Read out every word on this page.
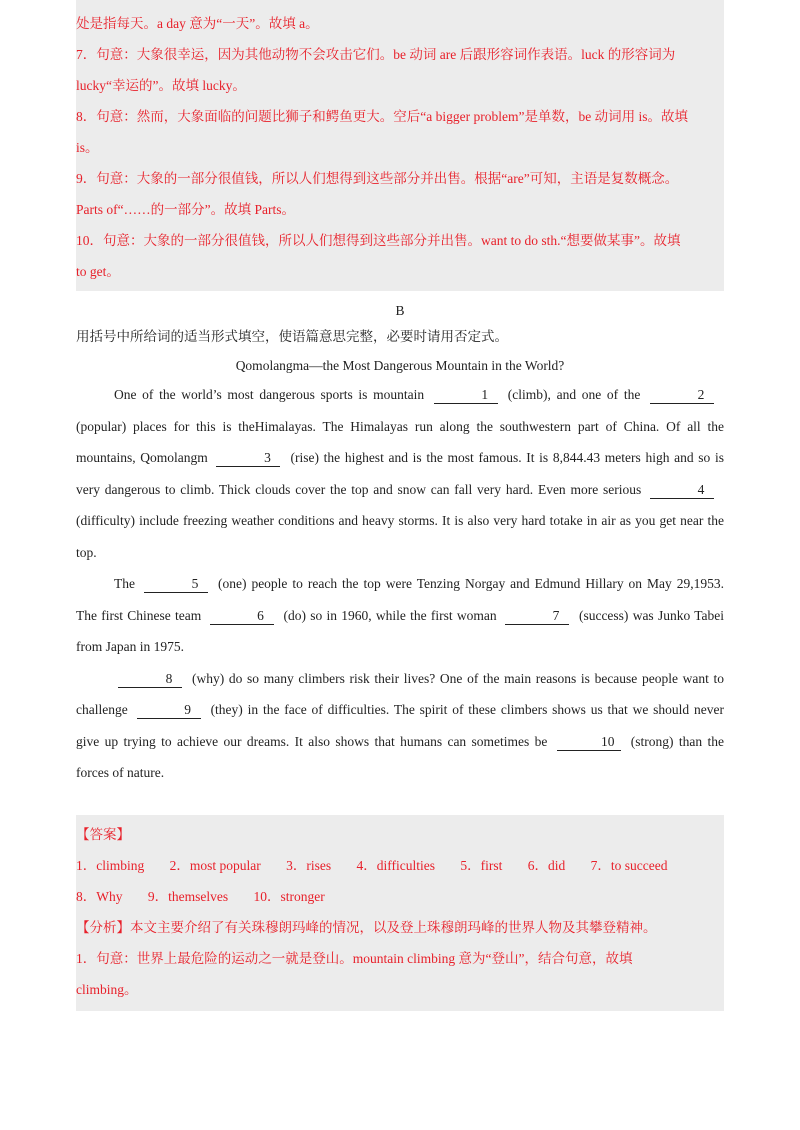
处是指每天。a day 意为“一天”。故填 a。

7．句意：大象很幸运，因为其他动物不会攻击它们。be 动词 are 后跟形容词作表语。luck 的形容词为

lucky“幸运的”。故填 lucky。

8．句意：然而，大象面临的问题比狮子和鳄鱼更大。空后“a bigger problem”是单数，be 动词用 is。故填

is。

9．句意：大象的一部分很值钱，所以人们想得到这些部分并出售。根据“are”可知，主语是复数概念。

Parts of“……的一部分”。故填 Parts。

10．句意：大象的一部分很值钱，所以人们想得到这些部分并出售。want to do sth.“想要做某事”。故填

to get。

B

用括号中所给词的适当形式填空，使语篇意思完整，必要时请用否定式。

Qomolangma—the Most Dangerous Mountain in the World?

One of the world’s most dangerous sports is mountain	1 (climb), and one of the	2(popular) places for this is theHimalayas. The Himalayas run along the southwestern part of China. Of all the mountains, Qomolangm	3 (rise) the highest and is the most famous. It is 8,844.43 meters high and so is very dangerous to climb. Thick clouds cover the top and snow can fall very hard. Even more serious	4(difficulty) include freezing weather conditions and heavy storms. It is also very hard totake in air as you get near the top.

The	5 (one) people to reach the top were Tenzing Norgay and Edmund Hillary on May 29,1953. The first Chinese team	6 (do) so in 1960, while the first woman	7 (success) was Junko Tabei from Japan in 1975.

8 (why) do so many climbers risk their lives? One of the main reasons is because people want to challenge	9 (they) in the face of difficulties. The spirit of these climbers shows us that we should never give up trying to achieve our dreams. It also shows that humans can sometimes be	10 (strong) than the forces of nature.

【答案】

1．climbing 2．most popular 3．rises 4．difficulties 5．first 6．did 7．to succeed

8．Why 9．themselves 10．stronger

【分析】本文主要介绍了有关珠穆朗玛峰的情况，以及登上珠穆朗玛峰的世界人物及其攀登精神。

1．句意：世界上最危险的运动之一就是登山。mountain climbing 意为“登山”，结合句意，故填

climbing。
